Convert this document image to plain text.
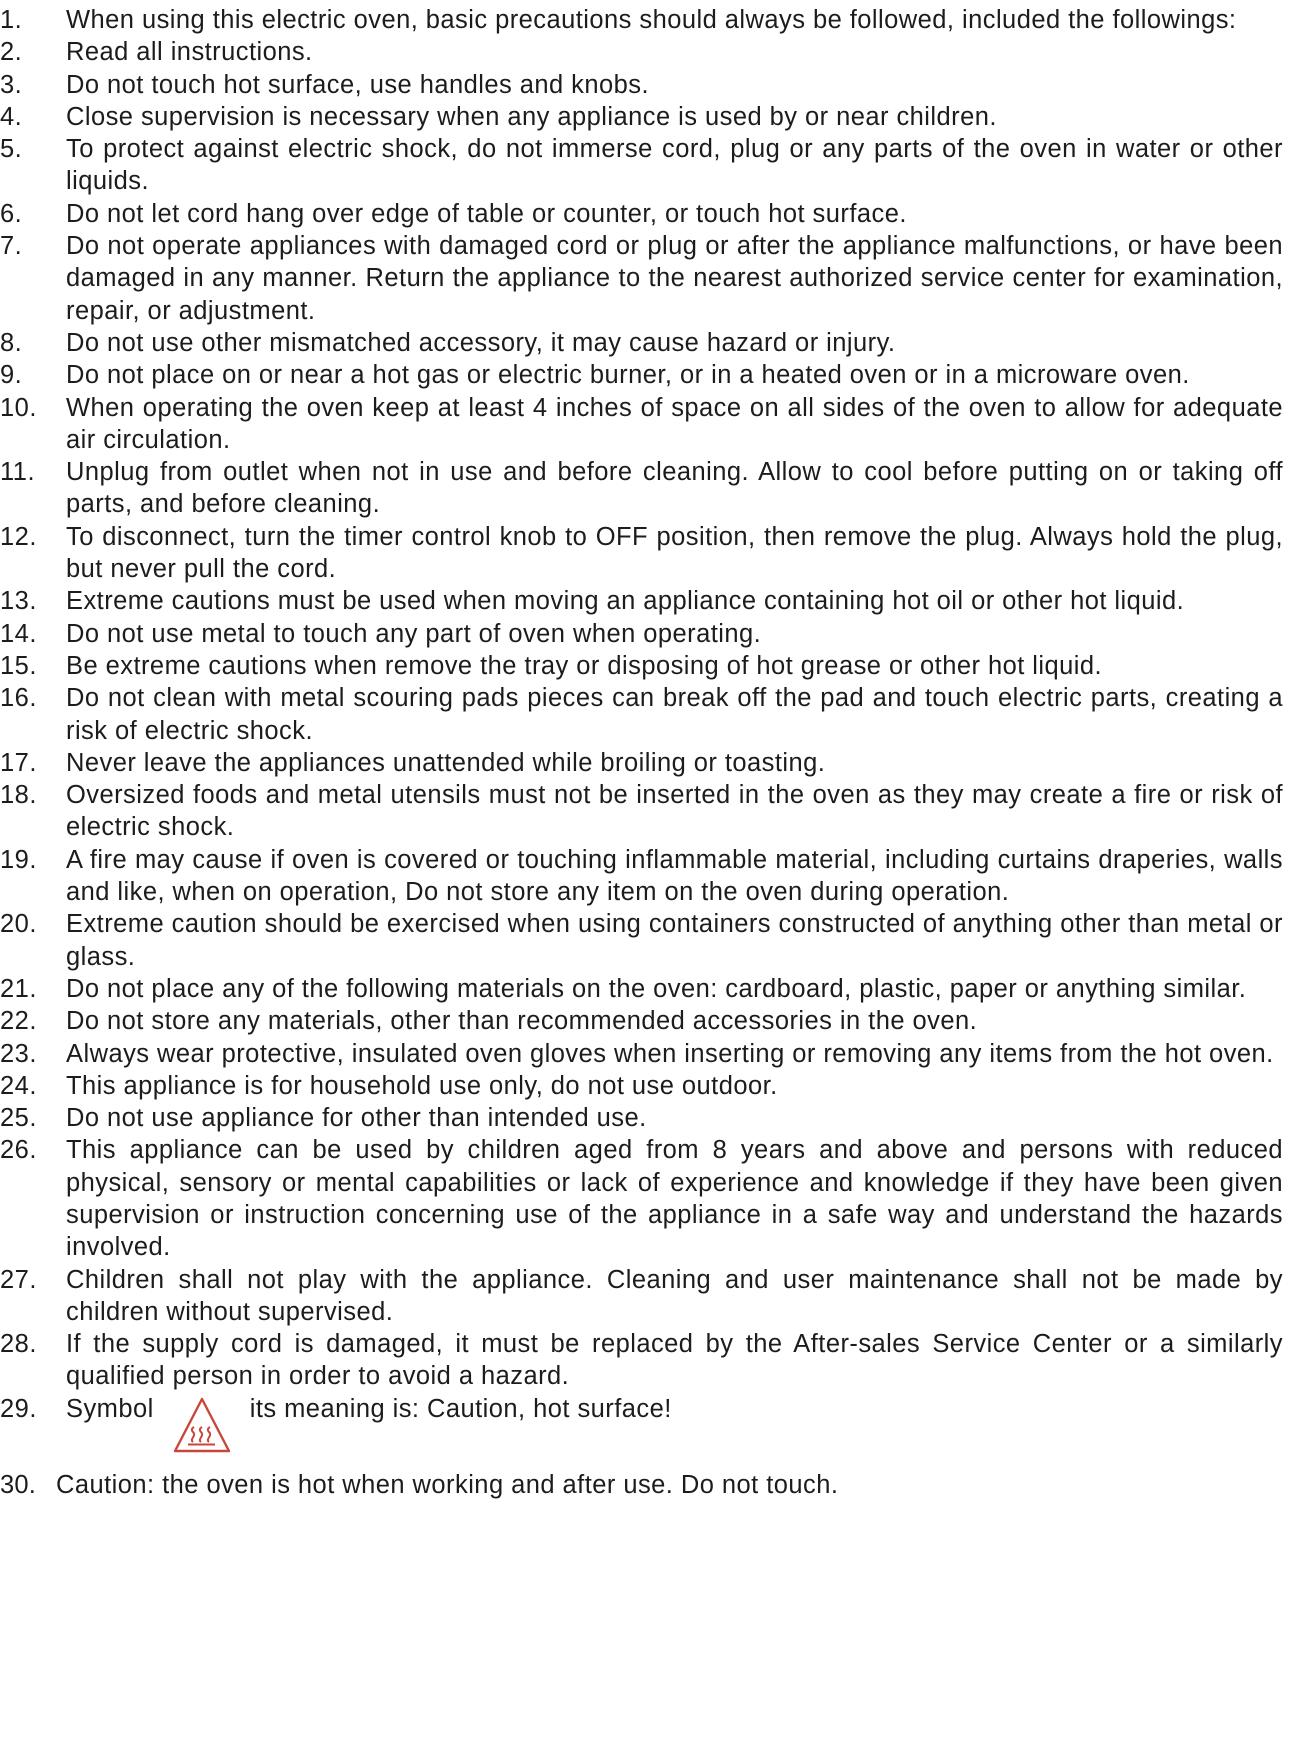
1.	When using this electric oven, basic precautions should always be followed, included the followings:
2.	Read all instructions.
3.	Do not touch hot surface, use handles and knobs.
4.	Close supervision is necessary when any appliance is used by or near children.
5.	To protect against electric shock, do not immerse cord, plug or any parts of the oven in water or other liquids.
6.	Do not let cord hang over edge of table or counter, or touch hot surface.
7.	Do not operate appliances with damaged cord or plug or after the appliance malfunctions, or have been damaged in any manner. Return the appliance to the nearest authorized service center for examination, repair, or adjustment.
8.	Do not use other mismatched accessory, it may cause hazard or injury.
9.	Do not place on or near a hot gas or electric burner, or in a heated oven or in a microware oven.
10.	When operating the oven keep at least 4 inches of space on all sides of the oven to allow for adequate air circulation.
11.	Unplug from outlet when not in use and before cleaning. Allow to cool before putting on or taking off parts, and before cleaning.
12.	To disconnect, turn the timer control knob to OFF position, then remove the plug. Always hold the plug, but never pull the cord.
13.	Extreme cautions must be used when moving an appliance containing hot oil or other hot liquid.
14.	Do not use metal to touch any part of oven when operating.
15.	Be extreme cautions when remove the tray or disposing of hot grease or other hot liquid.
16.	Do not clean with metal scouring pads pieces can break off the pad and touch electric parts, creating a risk of electric shock.
17.	Never leave the appliances unattended while broiling or toasting.
18.	Oversized foods and metal utensils must not be inserted in the oven as they may create a fire or risk of electric shock.
19.	A fire may cause if oven is covered or touching inflammable material, including curtains draperies, walls and like, when on operation, Do not store any item on the oven during operation.
20.	Extreme caution should be exercised when using containers constructed of anything other than metal or glass.
21.	Do not place any of the following materials on the oven: cardboard, plastic, paper or anything similar.
22.	Do not store any materials, other than recommended accessories in the oven.
23.	Always wear protective, insulated oven gloves when inserting or removing any items from the hot oven.
24.	This appliance is for household use only, do not use outdoor.
25.	Do not use appliance for other than intended use.
26.	This appliance can be used by children aged from 8 years and above and persons with reduced physical, sensory or mental capabilities or lack of experience and knowledge if they have been given supervision or instruction concerning use of the appliance in a safe way and understand the hazards involved.
27.	Children shall not play with the appliance. Cleaning and user maintenance shall not be made by children without supervised.
28.	If the supply cord is damaged, it must be replaced by the After-sales Service Center or a similarly qualified person in order to avoid a hazard.
29.	Symbol	its meaning is: Caution, hot surface!
30. Caution: the oven is hot when working and after use. Do not touch.
